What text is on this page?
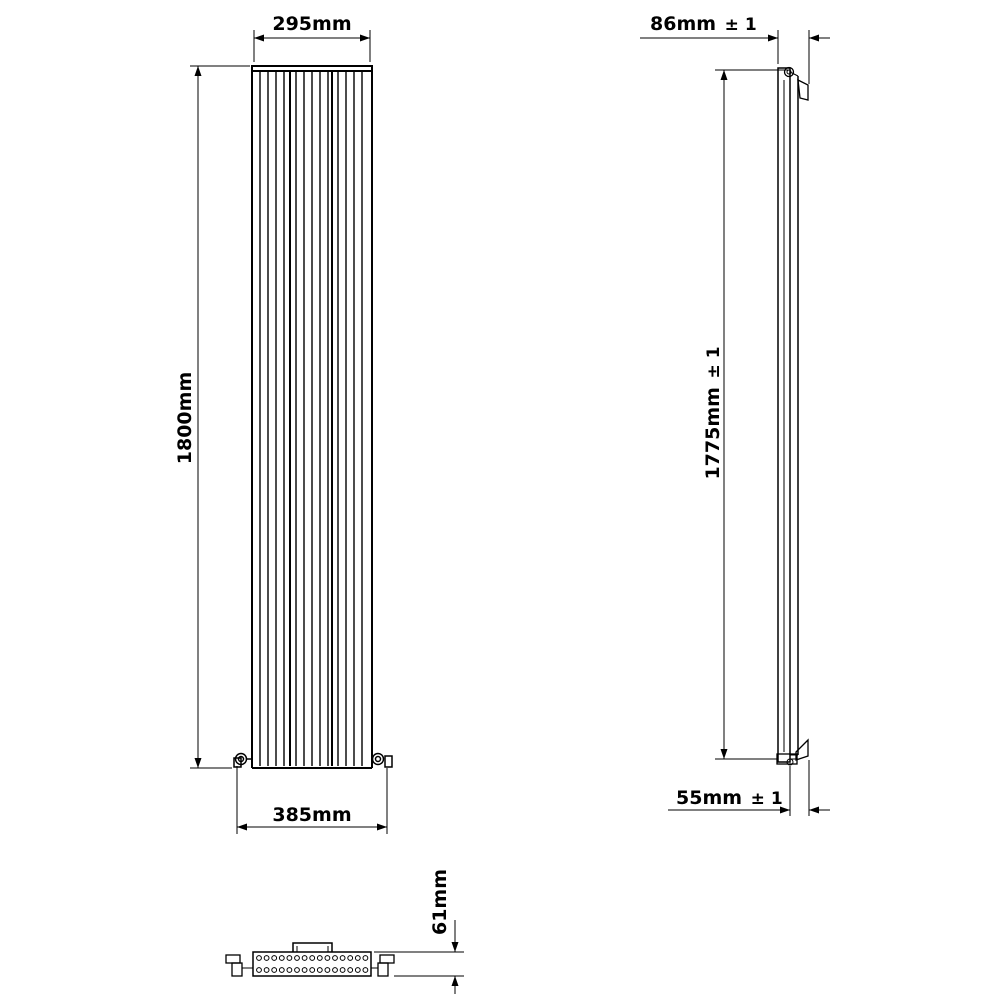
295mm
1800mm
385mm
86mm ± 1
1775mm ± 1
55mm ± 1
61mm
